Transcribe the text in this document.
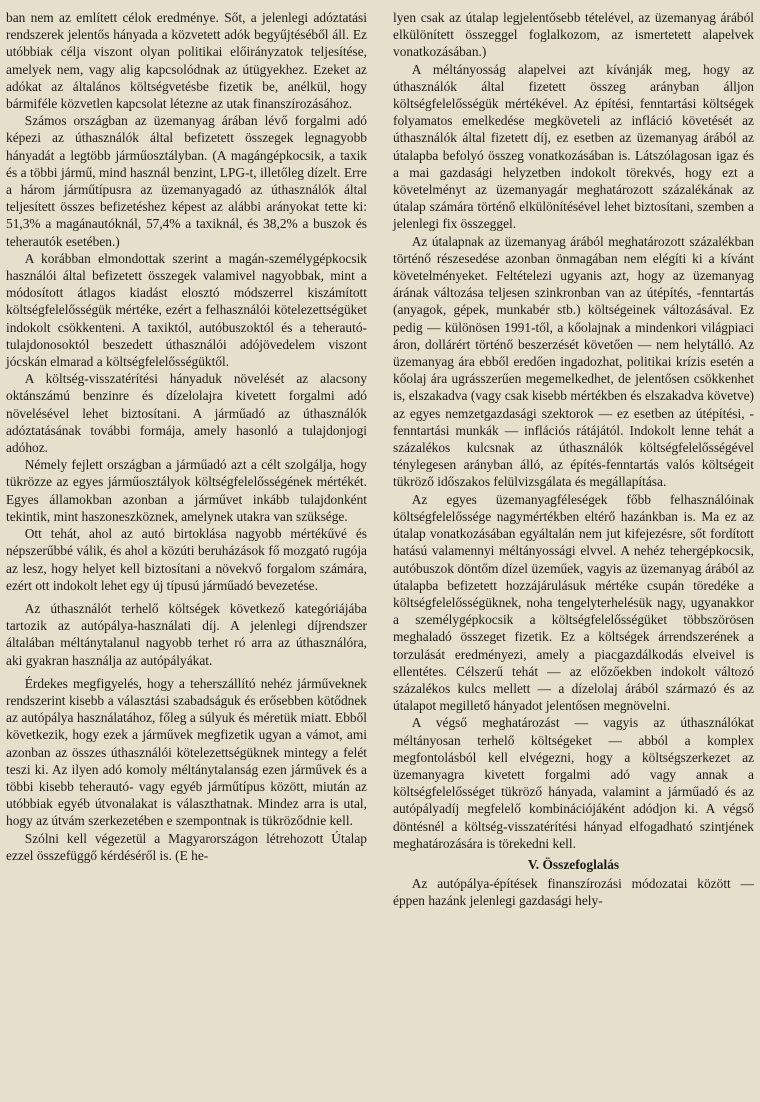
ban nem az említett célok eredménye. Sőt, a jelenlegi adóztatási rendszerek jelentős hányada a közvetett adók begyűjtéséből áll. Ez utóbbiak célja viszont olyan politikai előirányzatok teljesítése, amelyek nem, vagy alig kapcsolódnak az útügyekhez. Ezeket az adókat az általános költségvetésbe fizetik be, anélkül, hogy bármiféle közvetlen kapcsolat létezne az utak finanszírozásához.

Számos országban az üzemanyag árában lévő forgalmi adó képezi az úthasználók által befizetett összegek legnagyobb hányadát a legtöbb járműosztályban. (A magángépkocsik, a taxik és a többi jármű, mind használ benzint, LPG-t, illetőleg dízelt. Erre a három járműtípusra az üzemanyagadó az úthasználók által teljesített összes befizetéshez képest az alábbi arányokat tette ki: 51,3% a magánautóknál, 57,4% a taxiknál, és 38,2% a buszok és teherautók esetében.)

A korábban elmondottak szerint a magán-személygépkocsik használói által befizetett összegek valamivel nagyobbak, mint a módosított átlagos kiadást elosztó módszerrel kiszámított költségfelelősségük mértéke, ezért a felhasználói kötelezettségüket indokolt csökkenteni. A taxiktól, autóbuszoktól és a teherautó-tulajdonosoktól beszedett úthasználói adójövedelem viszont jócskán elmarad a költségfelelősségüktől.

A költség-visszatérítési hányaduk növelését az alacsony oktánszámú benzinre és dízelolajra kivetett forgalmi adó növelésével lehet biztosítani. A járműadó az úthasználók adóztatásának további formája, amely hasonló a tulajdonjogi adóhoz.

Némely fejlett országban a járműadó azt a célt szolgálja, hogy tükrözze az egyes járműosztályok költségfelelősségének mértékét. Egyes államokban azonban a járművet inkább tulajdonként tekintik, mint haszoneszköznek, amelynek utakra van szüksége.

Ott tehát, ahol az autó birtoklása nagyobb mértékűvé és népszerűbbé válik, és ahol a közúti beruházások fő mozgató rugója az lesz, hogy helyet kell biztosítani a növekvő forgalom számára, ezért ott indokolt lehet egy új típusú járműadó bevezetése.

Az úthasználót terhelő költségek következő kategóriájába tartozik az autópálya-használati díj. A jelenlegi díjrendszer általában méltánytalanul nagyobb terhet ró arra az úthasználóra, aki gyakran használja az autópályákat.

Érdekes megfigyelés, hogy a teherszállító nehéz járműveknek rendszerint kisebb a választási szabadságuk és erősebben kötődnek az autópálya használatához, főleg a súlyuk és méretük miatt. Ebből következik, hogy ezek a járművek megfizetik ugyan a vámot, ami azonban az összes úthasználói kötelezettségüknek mintegy a felét teszi ki. Az ilyen adó komoly méltánytalanság ezen járművek és a többi kisebb teherautó- vagy egyéb járműtípus között, miután az utóbbiak egyéb útvonalakat is választhatnak. Mindez arra is utal, hogy az útvám szerkezetében e szempontnak is tükröződnie kell.

Szólni kell végezetül a Magyarországon létrehozott Útalap ezzel összefüggő kérdéséről is. (E he-

lyen csak az útalap legjelentősebb tételével, az üzemanyag árából elkülönített összeggel foglalkozom, az ismertetett alapelvek vonatkozásában.)

A méltányosság alapelvei azt kívánják meg, hogy az úthasználók által fizetett összeg arányban álljon költségfelelősségük mértékével. Az építési, fenntartási költségek folyamatos emelkedése megköveteli az infláció követését az úthasználók által fizetett díj, ez esetben az üzemanyag árából az útalapba befolyó összeg vonatkozásában is. Látszólagosan igaz és a mai gazdasági helyzetben indokolt törekvés, hogy ezt a követelményt az üzemanyagár meghatározott százalékának az útalap számára történő elkülönítésével lehet biztosítani, szemben a jelenlegi fix összeggel.

Az útalapnak az üzemanyag árából meghatározott százalékban történő részesedése azonban önmagában nem elégíti ki a kívánt követelményeket. Feltételezi ugyanis azt, hogy az üzemanyag árának változása teljesen szinkronban van az útépítés, -fenntartás (anyagok, gépek, munkabér stb.) költségeinek változásával. Ez pedig — különösen 1991-től, a kőolajnak a mindenkori világpiaci áron, dollárért történő beszerzését követően — nem helytálló. Az üzemanyag ára ebből eredően ingadozhat, politikai krízis esetén a kőolaj ára ugrásszerűen megemelkedhet, de jelentősen csökkenhet is, elszakadva (vagy csak kisebb mértékben és elszakadva követve) az egyes nemzetgazdasági szektorok — ez esetben az útépítési, -fenntartási munkák — inflációs rátájától. Indokolt lenne tehát a százalékos kulcsnak az úthasználók költségfelelősségével ténylegesen arányban álló, az építés-fenntartás valós költségeit tükröző időszakos felülvizsgálata és megállapítása.

Az egyes üzemanyagféleségek főbb felhasználóinak költségfelelőssége nagymértékben eltérő hazánkban is. Ma ez az útalap vonatkozásában egyáltalán nem jut kifejezésre, sőt fordított hatású valamennyi méltányossági elvvel. A nehéz tehergépkocsik, autóbuszok döntőm dízel üzeműek, vagyis az üzemanyag árából az útalapba befizetett hozzájárulásuk mértéke csupán töredéke a költségfelelősségüknek, noha tengelyterhelésük nagy, ugyanakkor a személygépkocsik a költségfelelősségüket többszörösen meghaladó összeget fizetik. Ez a költségek árrendszerének a torzulását eredményezi, amely a piacgazdálkodás elveivel is ellentétes. Célszerű tehát — az előzőekben indokolt változó százalékos kulcs mellett — a dízelolaj árából származó és az útalapot megillető hányadot jelentősen megnövelni.

A végső meghatározást — vagyis az úthasználókat méltányosan terhelő költségeket — abból a komplex megfontolásból kell elvégezni, hogy a költségszerkezet az üzemanyagra kivetett forgalmi adó vagy annak a költségfelelősséget tükröző hányada, valamint a járműadó és az autópályadíj megfelelő kombinációjáként adódjon ki. A végső döntésnél a költség-visszatérítési hányad elfogadható szintjének meghatározására is törekedni kell.

V. Összefoglalás

Az autópálya-építések finanszírozási módozatai között — éppen hazánk jelenlegi gazdasági hely-
